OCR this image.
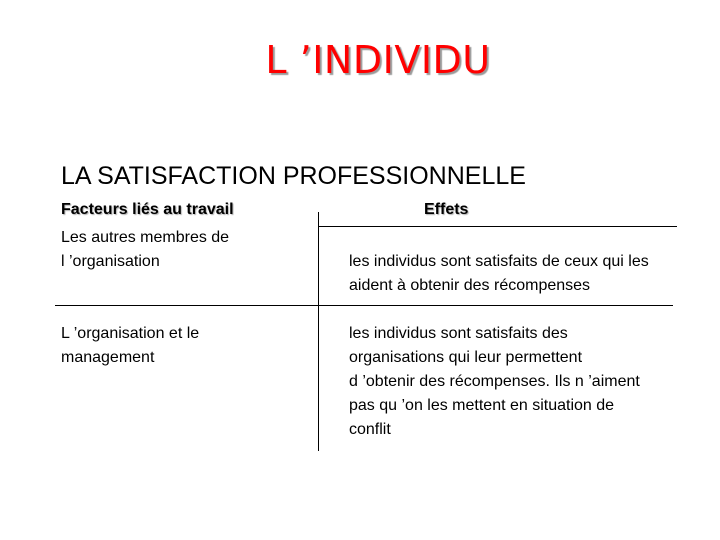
L ’INDIVIDU
LA SATISFACTION PROFESSIONNELLE
Facteurs liés au travail	Effets
Les autres membres de
l ’organisation	les individus sont satisfaits de ceux qui les
aident à obtenir des récompenses
L ’organisation et le
management
les individus sont satisfaits des
organisations qui leur permettent
d ’obtenir des récompenses. Ils n ’aiment
pas qu ’on les mettent en situation de
conflit
